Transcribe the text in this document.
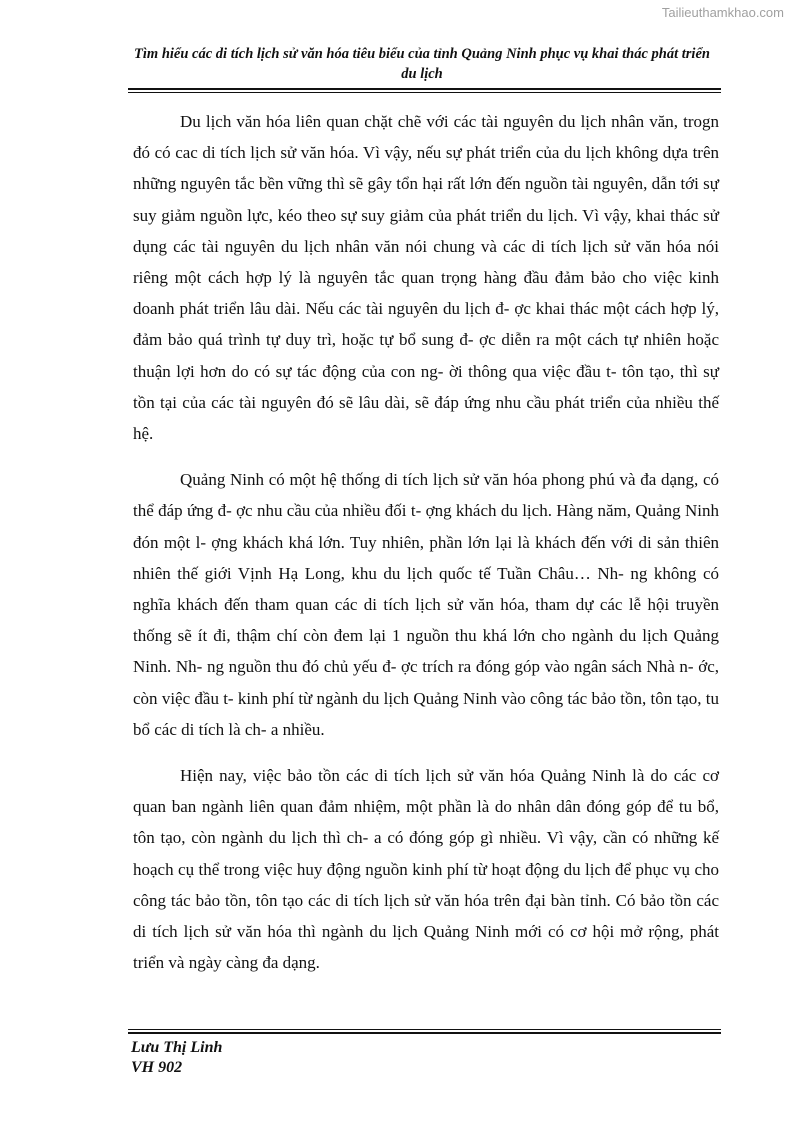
Tailieuthamkhao.com
Tìm hiểu các di tích lịch sử văn hóa tiêu biểu của tỉnh Quảng Ninh phục vụ khai thác phát triển du lịch

Du lịch văn hóa liên quan chặt chẽ với các tài nguyên du lịch nhân văn, trogn đó có cac di tích lịch sử văn hóa. Vì vậy, nếu sự phát triển của du lịch không dựa trên những nguyên tắc bền vững thì sẽ gây tổn hại rất lớn đến nguồn tài nguyên, dẫn tới sự suy giảm nguồn lực, kéo theo sự suy giảm của phát triển du lịch. Vì vậy, khai thác sử dụng các tài nguyên du lịch nhân văn nói chung và các di tích lịch sử văn hóa nói riêng một cách hợp lý là nguyên tắc quan trọng hàng đầu đảm bảo cho việc kinh doanh phát triển lâu dài. Nếu các tài nguyên du lịch đ- ợc khai thác một cách hợp lý, đảm bảo quá trình tự duy trì, hoặc tự bổ sung đ- ợc diễn ra một cách tự nhiên hoặc thuận lợi hơn do có sự tác động của con ng- ời thông qua việc đầu t- tôn tạo, thì sự tồn tại của các tài nguyên đó sẽ lâu dài, sẽ đáp ứng nhu cầu phát triển của nhiều thế hệ.

Quảng Ninh có một hệ thống di tích lịch sử văn hóa phong phú và đa dạng, có thể đáp ứng đ- ợc nhu cầu của nhiều đối t- ợng khách du lịch. Hàng năm, Quảng Ninh đón một l- ợng khách khá lớn. Tuy nhiên, phần lớn lại là khách đến với di sản thiên nhiên thế giới Vịnh Hạ Long, khu du lịch quốc tế Tuần Châu… Nh- ng không có nghĩa khách đến tham quan các di tích lịch sử văn hóa, tham dự các lễ hội truyền thống sẽ ít đi, thậm chí còn đem lại 1 nguồn thu khá lớn cho ngành du lịch Quảng Ninh. Nh- ng nguồn thu đó chủ yếu đ- ợc trích ra đóng góp vào ngân sách Nhà n- ớc, còn việc đầu t- kinh phí từ ngành du lịch Quảng Ninh vào công tác bảo tồn, tôn tạo, tu bổ các di tích là ch- a nhiều.

Hiện nay, việc bảo tồn các di tích lịch sử văn hóa Quảng Ninh là do các cơ quan ban ngành liên quan đảm nhiệm, một phần là do nhân dân đóng góp để tu bổ, tôn tạo, còn ngành du lịch thì ch- a có đóng góp gì nhiều. Vì vậy, cần có những kế hoạch cụ thể trong việc huy động nguồn kinh phí từ hoạt động du lịch để phục vụ cho công tác bảo tồn, tôn tạo các di tích lịch sử văn hóa trên đại bàn tỉnh. Có bảo tồn các di tích lịch sử văn hóa thì ngành du lịch Quảng Ninh mới có cơ hội mở rộng, phát triển và ngày càng đa dạng.

Lưu Thị Linh
VH 902
